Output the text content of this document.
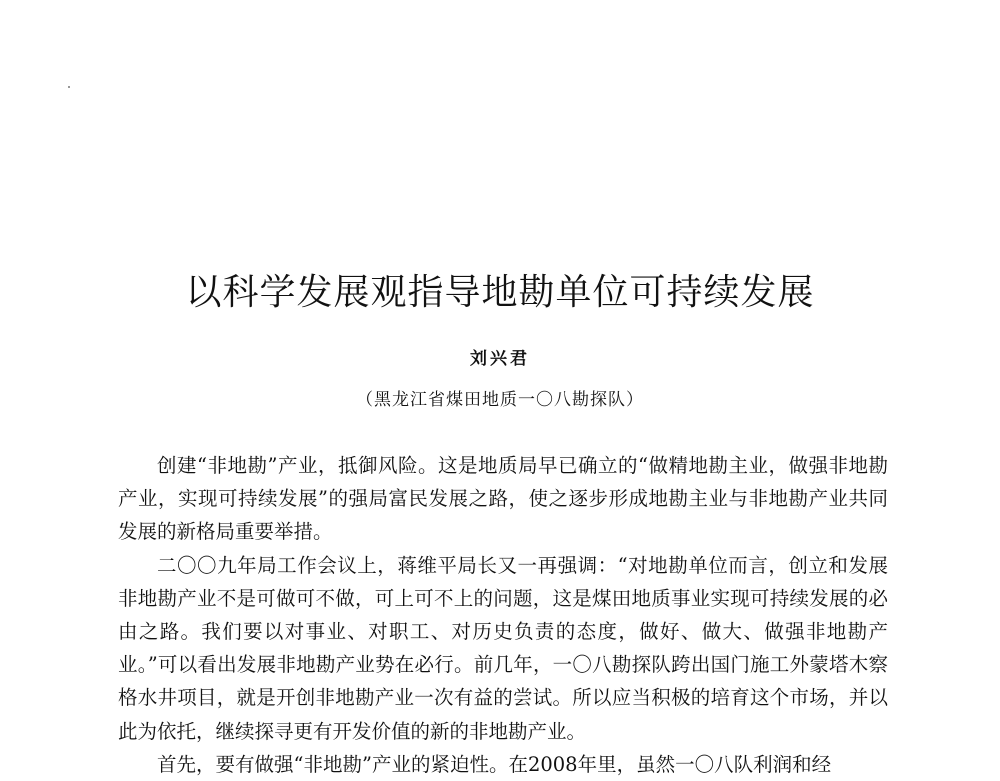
以科学发展观指导地勘单位可持续发展
刘兴君
（黑龙江省煤田地质一〇八勘探队）

创建“非地勘”产业，抵御风险。这是地质局早已确立的“做精地勘主业，做强非地勘产业，实现可持续发展”的强局富民发展之路，使之逐步形成地勘主业与非地勘产业共同发展的新格局重要举措。

二〇〇九年局工作会议上，蒋维平局长又一再强调：“对地勘单位而言，创立和发展非地勘产业不是可做可不做，可上可不上的问题，这是煤田地质事业实现可持续发展的必由之路。我们要以对事业、对职工、对历史负责的态度，做好、做大、做强非地勘产业。”可以看出发展非地勘产业势在必行。前几年，一〇八勘探队跨出国门施工外蒙塔木察格水井项目，就是开创非地勘产业一次有益的尝试。所以应当积极的培育这个市场，并以此为依托，继续探寻更有开发价值的新的非地勘产业。

首先，要有做强“非地勘”产业的紧迫性。在2008年里，虽然一〇八队利润和经
